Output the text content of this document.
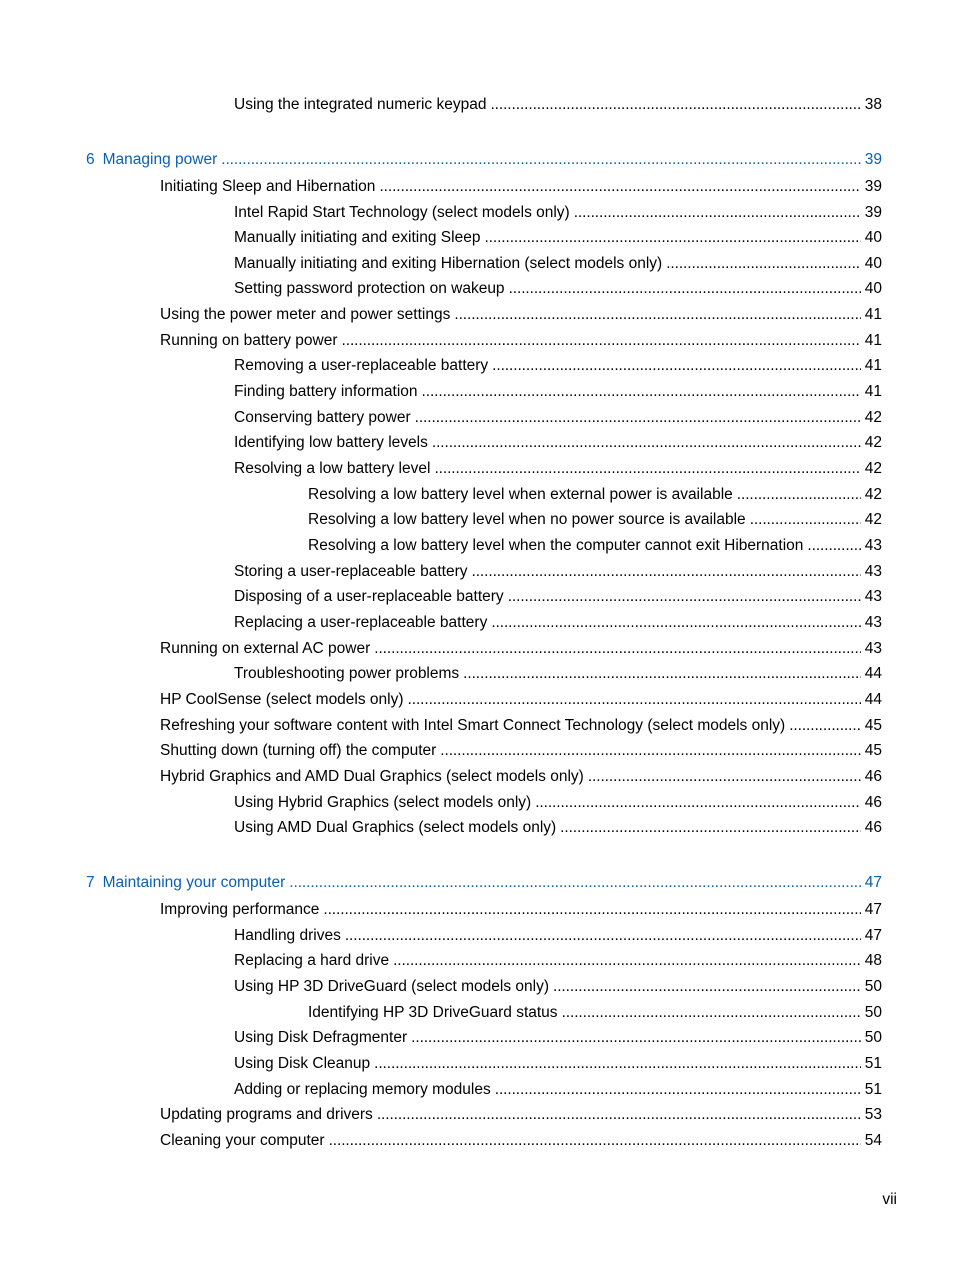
Using the integrated numeric keypad . . .	38
6 Managing power . . .	39
Initiating Sleep and Hibernation . . .	39
Intel Rapid Start Technology (select models only) . . .	39
Manually initiating and exiting Sleep . . .	40
Manually initiating and exiting Hibernation (select models only) . . .	40
Setting password protection on wakeup . . .	40
Using the power meter and power settings . . .	41
Running on battery power . . .	41
Removing a user-replaceable battery . . .	41
Finding battery information . . .	41
Conserving battery power . . .	42
Identifying low battery levels . . .	42
Resolving a low battery level . . .	42
Resolving a low battery level when external power is available . . .	42
Resolving a low battery level when no power source is available . . .	42
Resolving a low battery level when the computer cannot exit Hibernation . . .	43
Storing a user-replaceable battery . . .	43
Disposing of a user-replaceable battery . . .	43
Replacing a user-replaceable battery . . .	43
Running on external AC power . . .	43
Troubleshooting power problems . . .	44
HP CoolSense (select models only) . . .	44
Refreshing your software content with Intel Smart Connect Technology (select models only) . . .	45
Shutting down (turning off) the computer . . .	45
Hybrid Graphics and AMD Dual Graphics (select models only) . . .	46
Using Hybrid Graphics (select models only) . . .	46
Using AMD Dual Graphics (select models only) . . .	46
7 Maintaining your computer . . .	47
Improving performance . . .	47
Handling drives . . .	47
Replacing a hard drive . . .	48
Using HP 3D DriveGuard (select models only) . . .	50
Identifying HP 3D DriveGuard status . . .	50
Using Disk Defragmenter . . .	50
Using Disk Cleanup . . .	51
Adding or replacing memory modules . . .	51
Updating programs and drivers . . .	53
Cleaning your computer . . .	54
vii
